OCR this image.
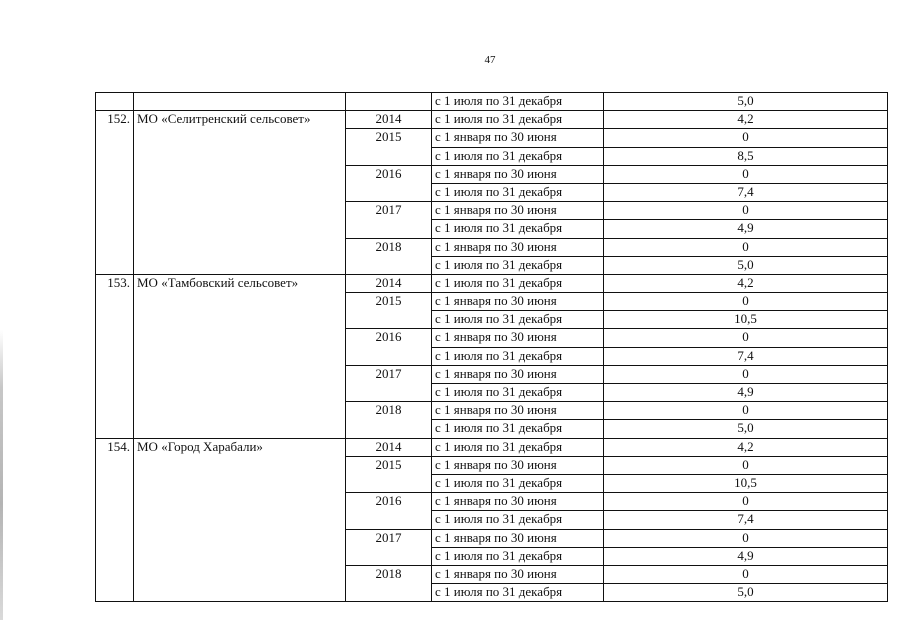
47
			с 1 июля по 31 декабря	5,0
152.	МО «Селитренский сельсовет»	2014	с 1 июля по 31 декабря	4,2
		2015	с 1 января по 30 июня	0
			с 1 июля по 31 декабря	8,5
		2016	с 1 января по 30 июня	0
			с 1 июля по 31 декабря	7,4
		2017	с 1 января по 30 июня	0
			с 1 июля по 31 декабря	4,9
		2018	с 1 января по 30 июня	0
			с 1 июля по 31 декабря	5,0
153.	МО «Тамбовский сельсовет»	2014	с 1 июля по 31 декабря	4,2
		2015	с 1 января по 30 июня	0
			с 1 июля по 31 декабря	10,5
		2016	с 1 января по 30 июня	0
			с 1 июля по 31 декабря	7,4
		2017	с 1 января по 30 июня	0
			с 1 июля по 31 декабря	4,9
		2018	с 1 января по 30 июня	0
			с 1 июля по 31 декабря	5,0
154.	МО «Город Харабали»	2014	с 1 июля по 31 декабря	4,2
		2015	с 1 января по 30 июня	0
			с 1 июля по 31 декабря	10,5
		2016	с 1 января по 30 июня	0
			с 1 июля по 31 декабря	7,4
		2017	с 1 января по 30 июня	0
			с 1 июля по 31 декабря	4,9
		2018	с 1 января по 30 июня	0
			с 1 июля по 31 декабря	5,0
